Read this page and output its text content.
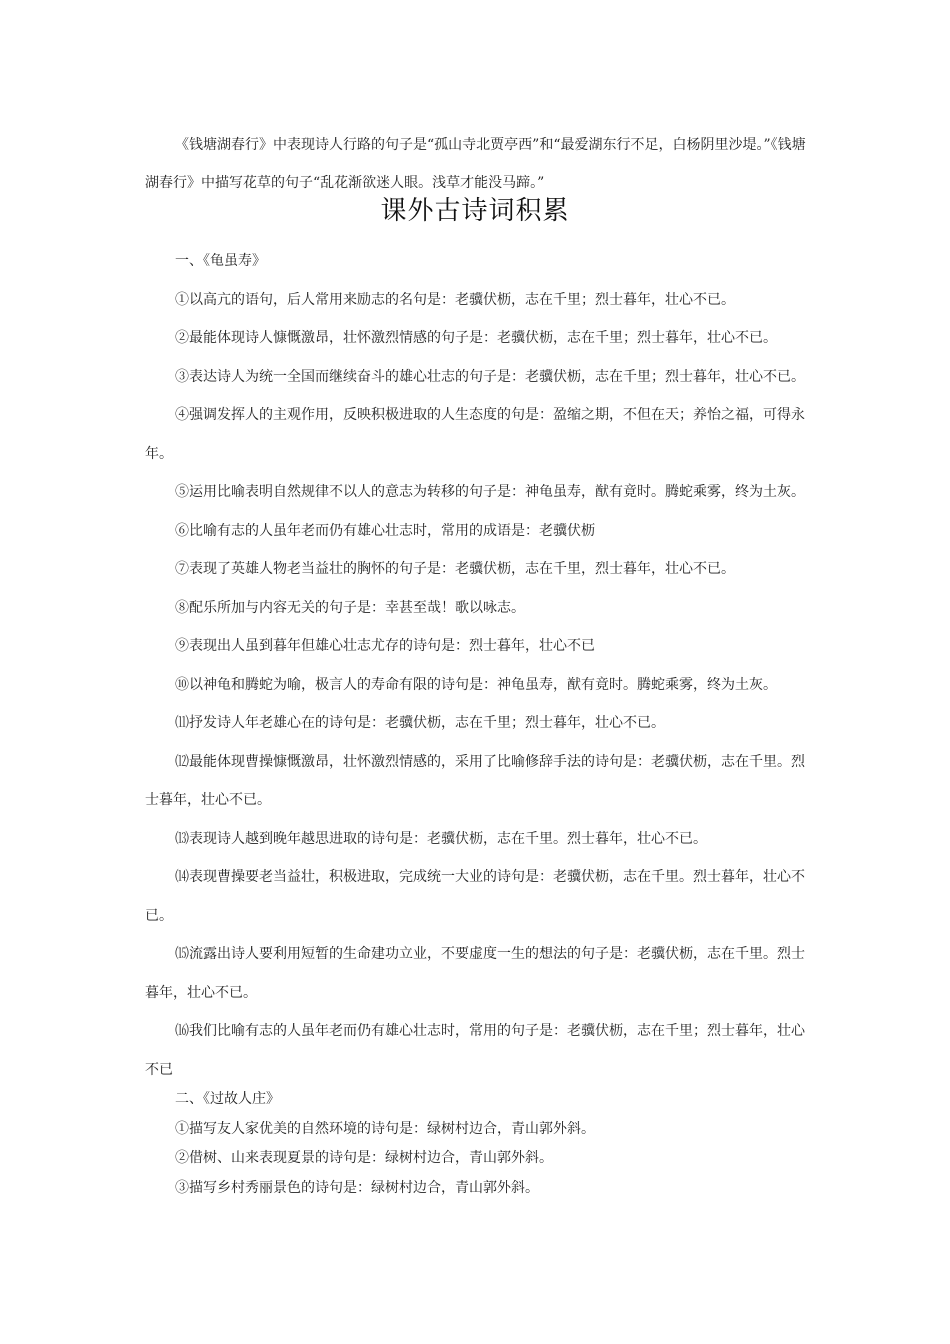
《钱塘湖春行》中表现诗人行路的句子是“孤山寺北贾亭西”和“最爱湖东行不足，白杨阴里沙堤。”《钱塘湖春行》中描写花草的句子“乱花渐欲迷人眼。浅草才能没马蹄。”

课外古诗词积累

一、《龟虽寿》

①以高亢的语句，后人常用来励志的名句是：老骥伏枥，志在千里；烈士暮年，壮心不已。

②最能体现诗人慷慨激昂，壮怀激烈情感的句子是：老骥伏枥，志在千里；烈士暮年，壮心不已。

③表达诗人为统一全国而继续奋斗的雄心壮志的句子是：老骥伏枥，志在千里；烈士暮年，壮心不已。

④强调发挥人的主观作用，反映积极进取的人生态度的句是：盈缩之期，不但在天；养怡之福，可得永年。

⑤运用比喻表明自然规律不以人的意志为转移的句子是：神龟虽寿，猷有竟时。腾蛇乘雾，终为土灰。

⑥比喻有志的人虽年老而仍有雄心壮志时，常用的成语是：老骥伏枥

⑦表现了英雄人物老当益壮的胸怀的句子是：老骥伏枥，志在千里，烈士暮年，壮心不已。

⑧配乐所加与内容无关的句子是：幸甚至哉！歌以咏志。

⑨表现出人虽到暮年但雄心壮志尤存的诗句是：烈士暮年，壮心不已

⑩以神龟和腾蛇为喻，极言人的寿命有限的诗句是：神龟虽寿，猷有竟时。腾蛇乘雾，终为土灰。

⑾抒发诗人年老雄心在的诗句是：老骥伏枥，志在千里；烈士暮年，壮心不已。

⑿最能体现曹操慷慨激昂，壮怀激烈情感的，采用了比喻修辞手法的诗句是：老骥伏枥，志在千里。烈士暮年，壮心不已。

⒀表现诗人越到晚年越思进取的诗句是：老骥伏枥，志在千里。烈士暮年，壮心不已。

⒁表现曹操要老当益壮，积极进取，完成统一大业的诗句是：老骥伏枥，志在千里。烈士暮年，壮心不已。

⒂流露出诗人要利用短暂的生命建功立业，不要虚度一生的想法的句子是：老骥伏枥，志在千里。烈士暮年，壮心不已。

⒃我们比喻有志的人虽年老而仍有雄心壮志时，常用的句子是：老骥伏枥，志在千里；烈士暮年，壮心不已

二、《过故人庄》

①描写友人家优美的自然环境的诗句是：绿树村边合，青山郭外斜。

②借树、山来表现夏景的诗句是：绿树村边合，青山郭外斜。

③描写乡村秀丽景色的诗句是：绿树村边合，青山郭外斜。
